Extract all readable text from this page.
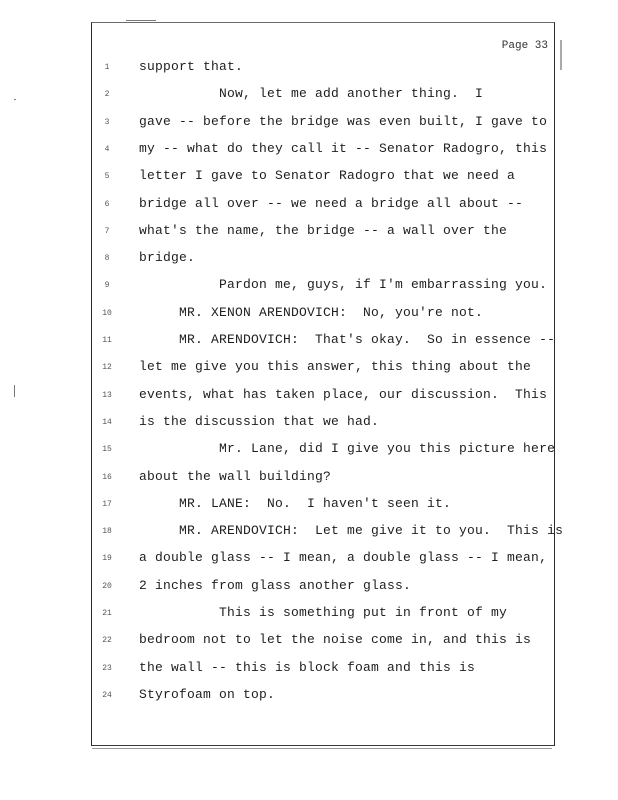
Page 33
1	support that.
2	Now, let me add another thing.  I
3	gave -- before the bridge was even built, I gave to
4	my -- what do they call it -- Senator Radogro, this
5	letter I gave to Senator Radogro that we need a
6	bridge all over -- we need a bridge all about --
7	what's the name, the bridge -- a wall over the
8	bridge.
9	Pardon me, guys, if I'm embarrassing you.
10	MR. XENON ARENDOVICH:  No, you're not.
11	MR. ARENDOVICH:  That's okay.  So in essence --
12	let me give you this answer, this thing about the
13	events, what has taken place, our discussion.  This
14	is the discussion that we had.
15	Mr. Lane, did I give you this picture here
16	about the wall building?
17	MR. LANE:  No.  I haven't seen it.
18	MR. ARENDOVICH:  Let me give it to you.  This is
19	a double glass -- I mean, a double glass -- I mean,
20	2 inches from glass another glass.
21	This is something put in front of my
22	bedroom not to let the noise come in, and this is
23	the wall -- this is block foam and this is
24	Styrofoam on top.
